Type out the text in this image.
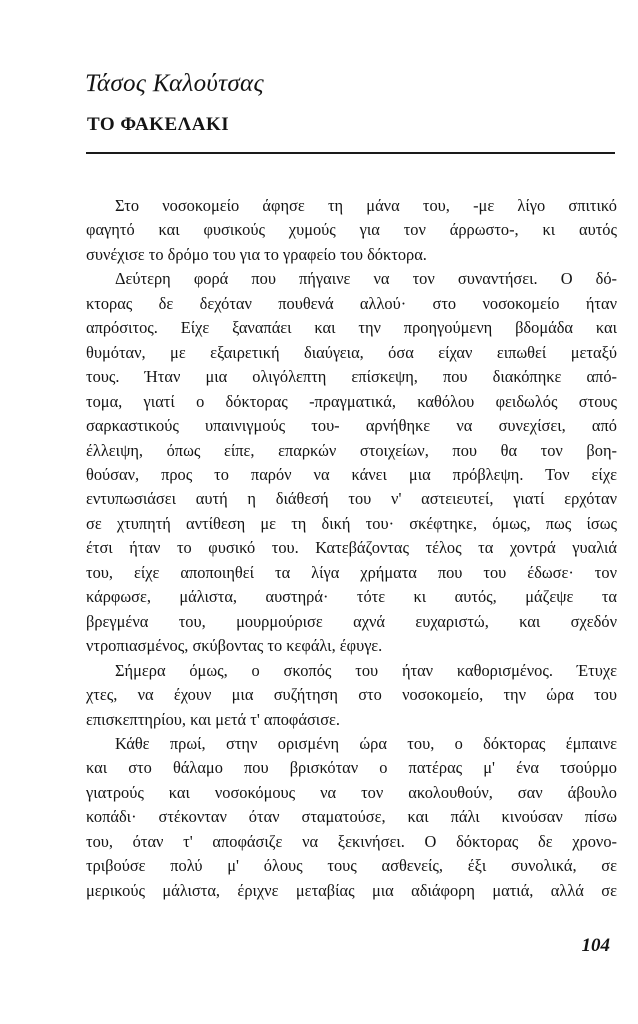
Τάσος Καλούτσας
ΤΟ ΦΑΚΕΛΑΚΙ
Στο νοσοκομείο άφησε τη μάνα του, -με λίγο σπιτικό
φαγητό και φυσικούς χυμούς για τον άρρωστο-, κι αυτός
συνέχισε το δρόμο του για το γραφείο του δόκτορα.
Δεύτερη φορά που πήγαινε να τον συναντήσει. Ο δό-
κτορας δε δεχόταν πουθενά αλλού· στο νοσοκομείο ήταν
απρόσιτος. Είχε ξαναπάει και την προηγούμενη βδομάδα και
θυμόταν, με εξαιρετική διαύγεια, όσα είχαν ειπωθεί μεταξύ
τους. Ήταν μια ολιγόλεπτη επίσκεψη, που διακόπηκε από-
τομα, γιατί ο δόκτορας -πραγματικά, καθόλου φειδωλός στους
σαρκαστικούς υπαινιγμούς του- αρνήθηκε να συνεχίσει, από
έλλειψη, όπως είπε, επαρκών στοιχείων, που θα τον βοη-
θούσαν, προς το παρόν να κάνει μια πρόβλεψη. Τον είχε
εντυπωσιάσει αυτή η διάθεσή του ν' αστειευτεί, γιατί ερχόταν
σε χτυπητή αντίθεση με τη δική του· σκέφτηκε, όμως, πως ίσως
έτσι ήταν το φυσικό του. Κατεβάζοντας τέλος τα χοντρά γυαλιά
του, είχε αποποιηθεί τα λίγα χρήματα που του έδωσε· τον
κάρφωσε, μάλιστα, αυστηρά· τότε κι αυτός, μάζεψε τα
βρεγμένα του, μουρμούρισε αχνά ευχαριστώ, και σχεδόν
ντροπιασμένος, σκύβοντας το κεφάλι, έφυγε.
Σήμερα όμως, ο σκοπός του ήταν καθορισμένος. Έτυχε
χτες, να έχουν μια συζήτηση στο νοσοκομείο, την ώρα του
επισκεπτηρίου, και μετά τ' αποφάσισε.
Κάθε πρωί, στην ορισμένη ώρα του, ο δόκτορας έμπαινε
και στο θάλαμο που βρισκόταν ο πατέρας μ' ένα τσούρμο
γιατρούς και νοσοκόμους να τον ακολουθούν, σαν άβουλο
κοπάδι· στέκονταν όταν σταματούσε, και πάλι κινούσαν πίσω
του, όταν τ' αποφάσιζε να ξεκινήσει. Ο δόκτορας δε χρονο-
τριβούσε πολύ μ' όλους τους ασθενείς, έξι συνολικά, σε
μερικούς μάλιστα, έριχνε μεταβίας μια αδιάφορη ματιά, αλλά σε
104
